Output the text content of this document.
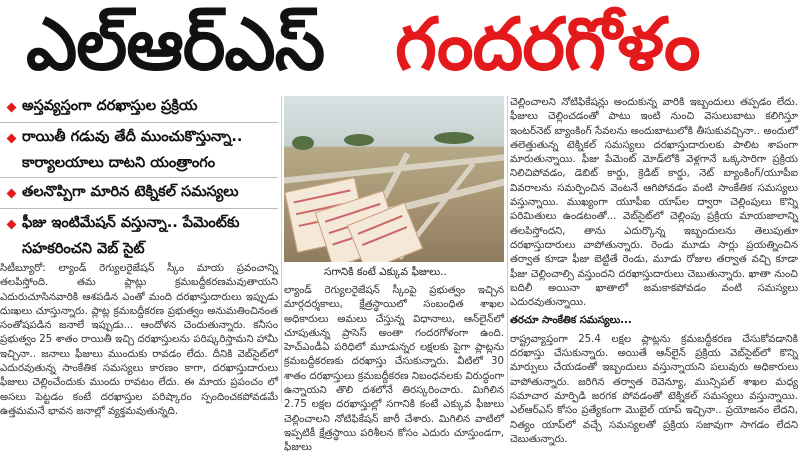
ఎల్ఆర్ఎస్ గందరగోళం
అస్తవ్యస్తంగా దరఖాస్తుల ప్రక్రియ
రాయితీ గడువు తేదీ ముంచుకొస్తున్నా..
కార్యాలయాలు దాటని యంత్రాంగం
తలనొప్పిగా మారిన టెక్నికల్ సమస్యలు
ఫీజు ఇంటిమేషన్ వస్తున్నా.. పేమెంట్‌కు
సహకరించని వెబ్ సైట్
సగానికి కంటే ఎక్కువ ఫీజులు..

సిటీబ్యూరో: ల్యాండ్ రెగ్యులరైజేషన్ స్కీం మాయ ప్రవంచాన్ని తలపిస్తోంది. తమ ప్లాట్లు క్రమబద్దీకరణమవుతాయని ఎదురుచూసినవారికి ఆశపడిన ఎంతో మంది దరఖాస్తుదారులు ఇప్పుడు దుఃఖలు చూస్తున్నారు. ప్లాట్ల క్రమబద్దీకరణ ప్రభుత్వం అనుమతించినంత సంతోషపడిన జనాలే ఇప్పుడు... ఆందోళన చెందుతున్నారు. కనీసం ప్రభుత్వం 25 శాతం రాయితీ ఇచ్చి దరఖాస్తులను పరిష్కరిస్తామని హామీ ఇచ్చినా.. జనాలు ఫీజులు ముందుకు రావడం లేదు. దీనికి వెబ్‌సైట్‌లో ఎదురవుతున్న సాంకేతిక సమస్యలు కారణం కాగా, దరఖాస్తుదారులు ఫీజులు చెల్లించేందుకు ముందు రావటం లేదు. ఈ మాయ ప్రపంచం లో అసలు పెట్టడం కంటే దరఖాస్తుల పరిష్కారం స్పందించకపోవడమే ఉత్తమమనే భావన జనాల్లో వ్యక్తమవుతున్నది.

ల్యాండ్ రెగ్యులరైజేషన్ స్కీంపై ప్రభుత్వం ఇచ్చిన మార్గదర్శకాలు, క్షేత్రస్థాయిలో సంబంధిత శాఖల అధికారులు అమలు చేస్తున్న విధానాలు, ఆన్‌లైన్‌లో చూపుతున్న ప్రాసెస్ అంతా గందరగోళంగా ఉంది. హెచ్ఎండీఏ పరిధిలో మూడున్నర లక్షలకు పైగా ప్లాట్లను క్రమబద్దీకరణకు దరఖాస్తు చేసుకున్నారు. వీటిలో 30 శాతం దరఖాస్తులు క్రమబద్దీకరణ నిబంధనలకు విరుద్ధంగా ఉన్నాయని తొలి దశలోనే తిరస్కరించారు. మిగిలిన 2.75 లక్షల దరఖాస్తుల్లో సగానికి కంటే ఎక్కువ ఫీజులు చెల్లించాలని నోటిఫికేషన్ జారీ చేశారు. మిగిలిన వాటిలో ఇప్పటికీ క్షేత్రస్థాయి పరిశీలన కోసం ఎదురు చూస్తుండగా, ఫీజులు

చెల్లించాలని నోటిఫికేషన్లు అందుకున్న వారికి ఇబ్బందులు తప్పడం లేదు. ఫీజులు చెల్లించడంతో పాటు ఇంటి నుంచి వెసులుబాటు కలిగిస్తూ ఇంటర్‌నెట్ బ్యాంకింగ్ సేవలను అందుబాటులోకి తీసుకువచ్చినా.. అందులో తలెత్తుతున్న టెక్నికల్ సమస్యలు దరఖాస్తుదారులకు పాలిట శాపంగా మారుతున్నాయి. ఫీజు పేమెంట్ మోడ్‌లోకి వెళ్లగానే ఒక్కసారిగా ప్రక్రియ నిలిచిపోవడం, డెబిట్ కార్డు, క్రెడిట్ కార్డు, నెట్ బ్యాంకింగ్/యూపీఐ వివరాలను సమర్పించిన వెంటనే ఆగిపోవడం వంటి సాంకేతిక సమస్యలు వస్తున్నాయి. ముఖ్యంగా యూపీఐ యాప్‌ల ద్వారా చెల్లింపులు కొన్ని పరిమితులు ఉండటంతో... వెబ్‌సైట్‌లో చెల్లింపు ప్రక్రియ మాయజాలాన్ని తలపిస్తోందని, తాను ఎదుర్కొన్న ఇబ్బందులను తెలుపుతూ దరఖాస్తుదారులు వాపోతున్నారు. రెండు మూడు సార్లు ప్రయత్నించిన తర్వాత కూడా ఫీజు బెట్టితే రెండు, మూడు రోజుల తర్వాత వచ్చి కూడా ఫీజు చెల్లించాల్సి వస్తుందని దరఖాస్తుదారులు చెబుతున్నారు. ఖాతా నుంచి బదిలీ అయినా ఖాతాలో జమకాకపోవడం వంటి సమస్యలు ఎదురవుతున్నాయి.

తరచూ సాంకేతిక సమస్యలు...

రాష్ట్రవ్యాప్తంగా 25.4 లక్షల ప్లాట్లను క్రమబద్ధీకరణ చేసుకోవడానికి దరఖాస్తు చేసుకున్నారు. అయితే ఆన్‌లైన్ ప్రక్రియ వెబ్‌సైట్‌లో కొన్ని మార్పులు చేయడంతో ఇబ్బందులు వస్తున్నాయని పలువురు అధికారులు వాపోతున్నారు. జరిగిన తర్వాత రెవెన్యూ, మున్సిపల్ శాఖల మధ్య సమాచార మార్పిడి జరగక పోవడంతో టెక్నికల్ సమస్యలు వస్తున్నాయి. ఎల్ఆర్ఎస్ కోసం ప్రత్యేకంగా మొబైల్ యాప్ ఇచ్చినా.. ప్రయోజనం లేదని, నిత్యం యాప్‌లో వచ్చే సమస్యలతో ప్రక్రియ సజావుగా సాగడం లేదని చెబుతున్నారు.
